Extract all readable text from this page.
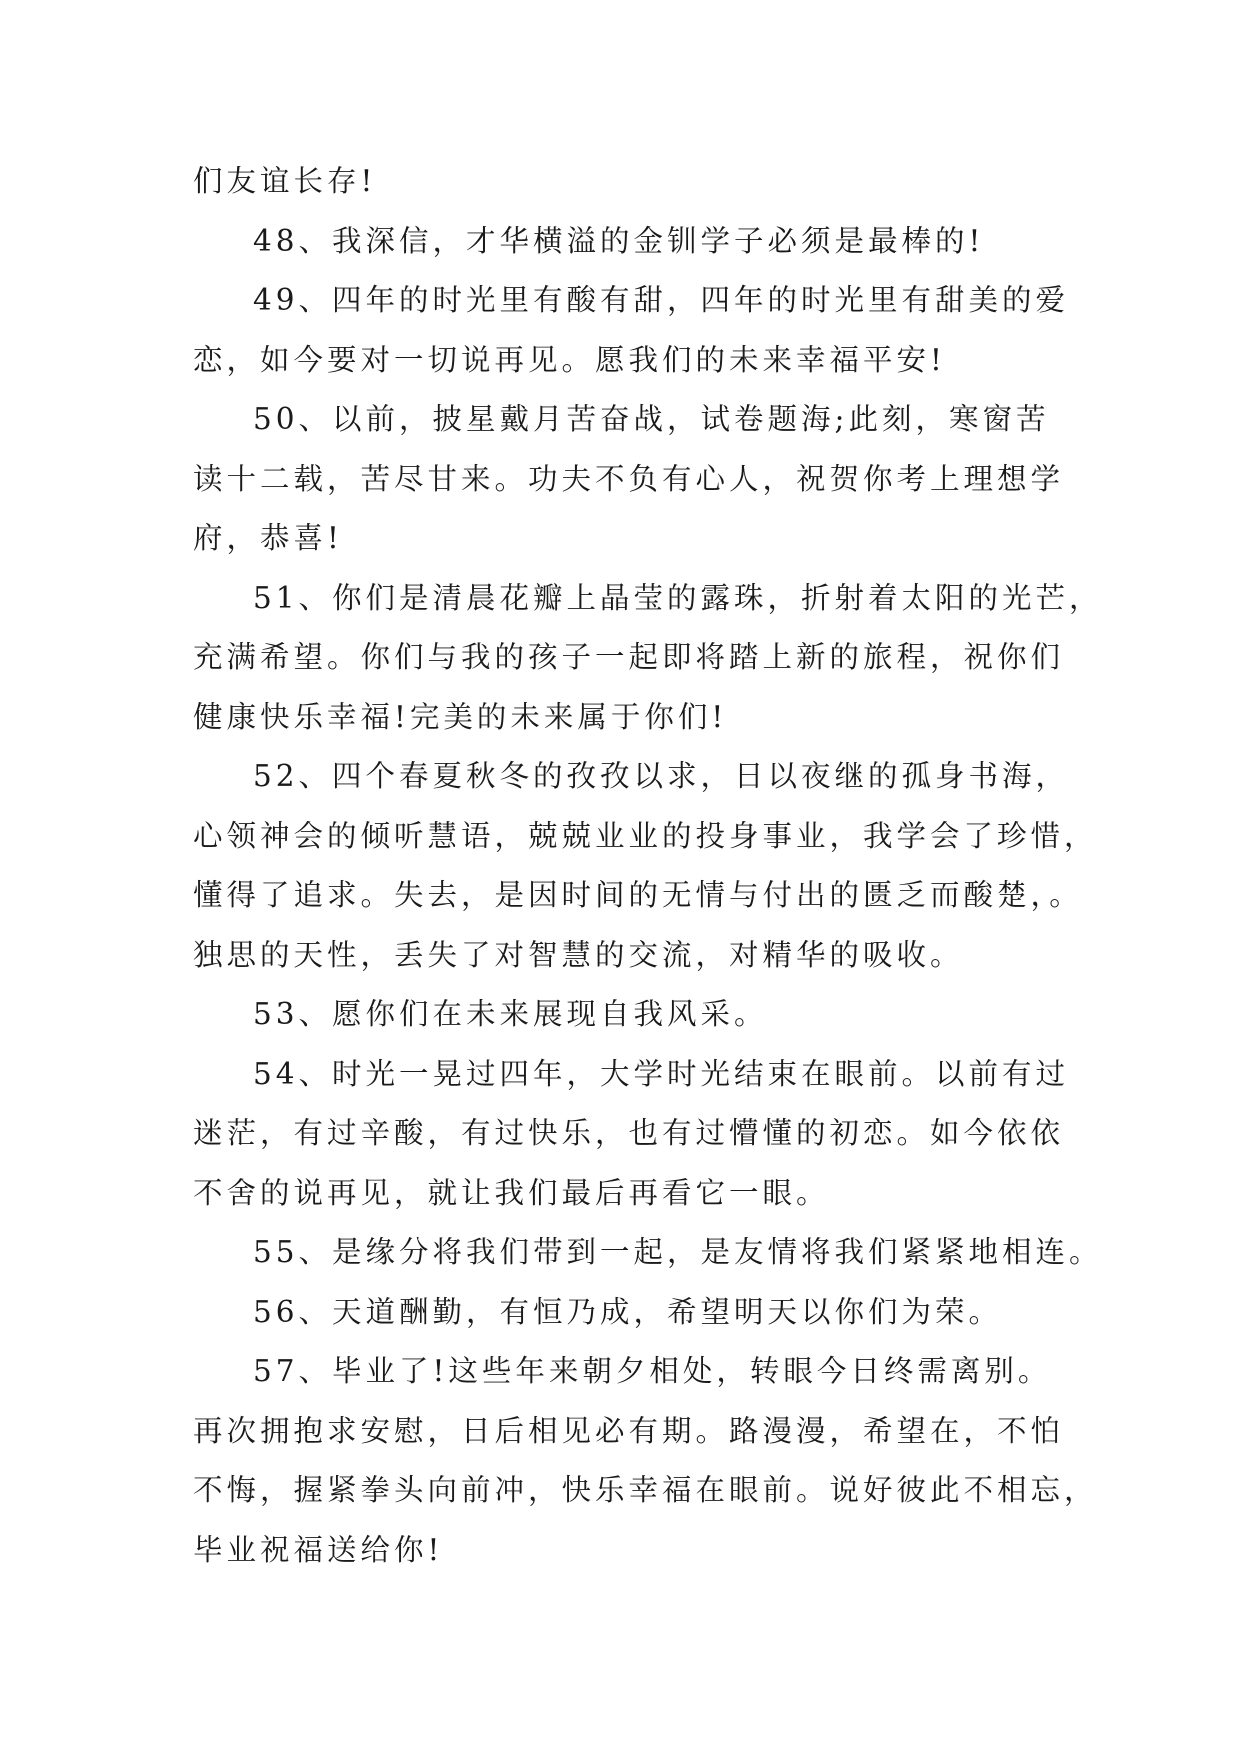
们友谊长存!

48、我深信，才华横溢的金钏学子必须是最棒的!

49、四年的时光里有酸有甜，四年的时光里有甜美的爱
恋，如今要对一切说再见。愿我们的未来幸福平安!

50、以前，披星戴月苦奋战，试卷题海;此刻，寒窗苦
读十二载，苦尽甘来。功夫不负有心人，祝贺你考上理想学
府，恭喜!

51、你们是清晨花瓣上晶莹的露珠，折射着太阳的光芒，
充满希望。你们与我的孩子一起即将踏上新的旅程，祝你们
健康快乐幸福!完美的未来属于你们!

52、四个春夏秋冬的孜孜以求，日以夜继的孤身书海，
心领神会的倾听慧语，兢兢业业的投身事业，我学会了珍惜，
懂得了追求。失去，是因时间的无情与付出的匮乏而酸楚，。
独思的天性，丢失了对智慧的交流，对精华的吸收。

53、愿你们在未来展现自我风采。

54、时光一晃过四年，大学时光结束在眼前。以前有过
迷茫，有过辛酸，有过快乐，也有过懵懂的初恋。如今依依
不舍的说再见，就让我们最后再看它一眼。

55、是缘分将我们带到一起，是友情将我们紧紧地相连。

56、天道酬勤，有恒乃成，希望明天以你们为荣。

57、毕业了!这些年来朝夕相处，转眼今日终需离别。
再次拥抱求安慰，日后相见必有期。路漫漫，希望在，不怕
不悔，握紧拳头向前冲，快乐幸福在眼前。说好彼此不相忘，
毕业祝福送给你!
